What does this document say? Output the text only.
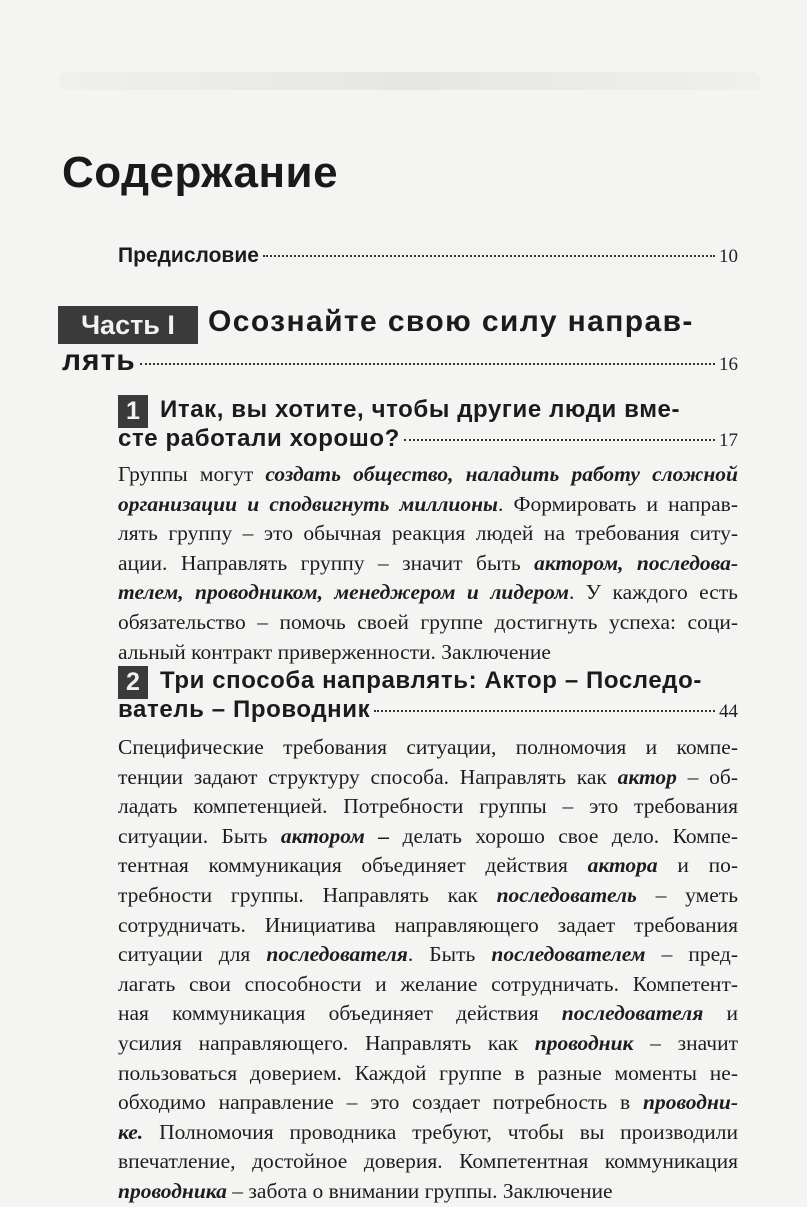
Содержание
Предисловие	10
Часть I	Осознайте свою силу направ-
лять	16
1 Итак, вы хотите, чтобы другие люди вме-
сте работали хорошо?	17
Группы могут создать общество, наладить работу сложной
организации и сподвигнуть миллионы. Формировать и направ-
лять группу – это обычная реакция людей на требования ситу-
ации. Направлять группу – значит быть актором, последова-
телем, проводником, менеджером и лидером. У каждого есть
обязательство – помочь своей группе достигнуть успеха: соци-
альный контракт приверженности. Заключение
2 Три способа направлять: Актор – Последо-
ватель – Проводник	44
Специфические требования ситуации, полномочия и компе-
тенции задают структуру способа. Направлять как актор – об-
ладать компетенцией. Потребности группы – это требования
ситуации. Быть актором – делать хорошо свое дело. Компе-
тентная коммуникация объединяет действия актора и по-
требности группы. Направлять как последователь – уметь
сотрудничать. Инициатива направляющего задает требования
ситуации для последователя. Быть последователем – пред-
лагать свои способности и желание сотрудничать. Компетент-
ная коммуникация объединяет действия последователя и
усилия направляющего. Направлять как проводник – значит
пользоваться доверием. Каждой группе в разные моменты не-
обходимо направление – это создает потребность в проводни-
ке. Полномочия проводника требуют, чтобы вы производили
впечатление, достойное доверия. Компетентная коммуникация
проводника – забота о внимании группы. Заключение
